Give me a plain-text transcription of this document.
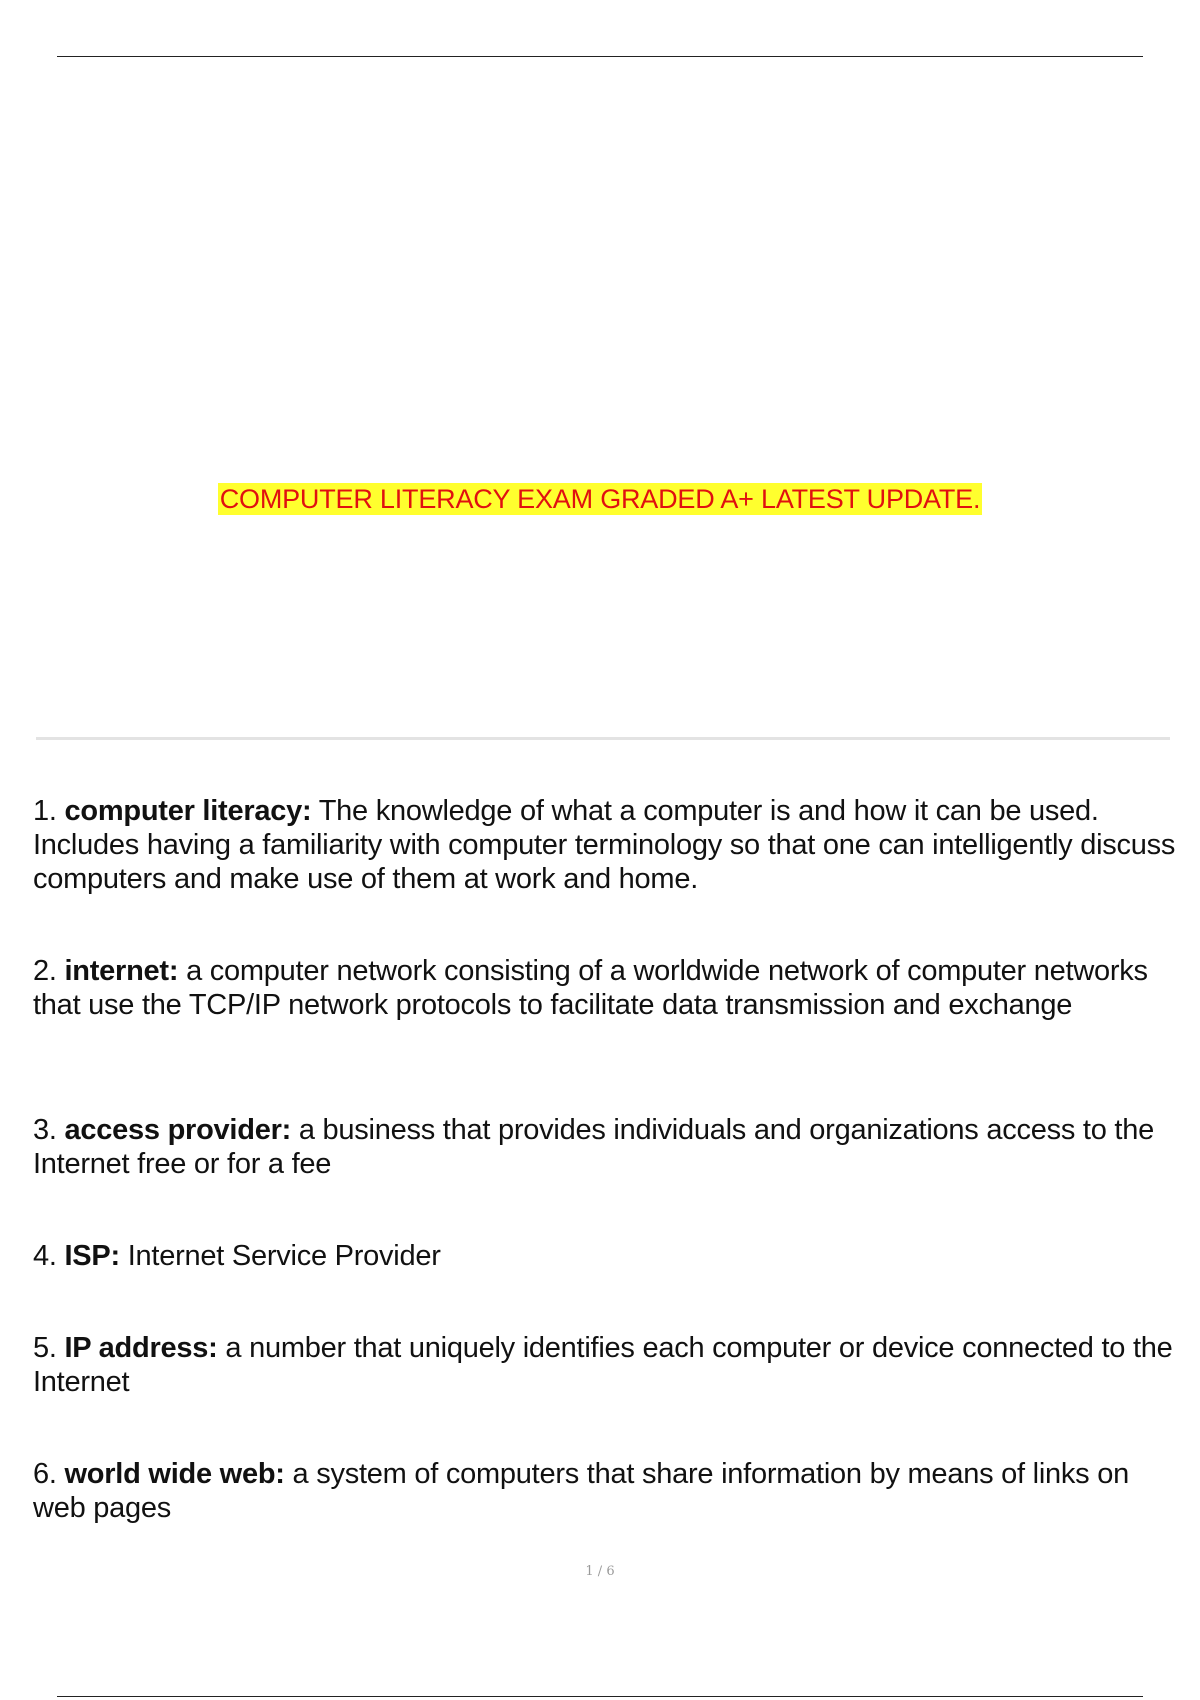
COMPUTER LITERACY EXAM GRADED A+ LATEST UPDATE.

1. computer literacy: The knowledge of what a computer is and how it can be used. Includes having a familiarity with computer terminology so that one can intelligently discuss computers and make use of them at work and home.

2. internet: a computer network consisting of a worldwide network of computer networks that use the TCP/IP network protocols to facilitate data transmission and exchange

3. access provider: a business that provides individuals and organizations access to the Internet free or for a fee

4. ISP: Internet Service Provider

5. IP address: a number that uniquely identifies each computer or device connected to the Internet

6. world wide web: a system of computers that share information by means of links on web pages

1 / 6
